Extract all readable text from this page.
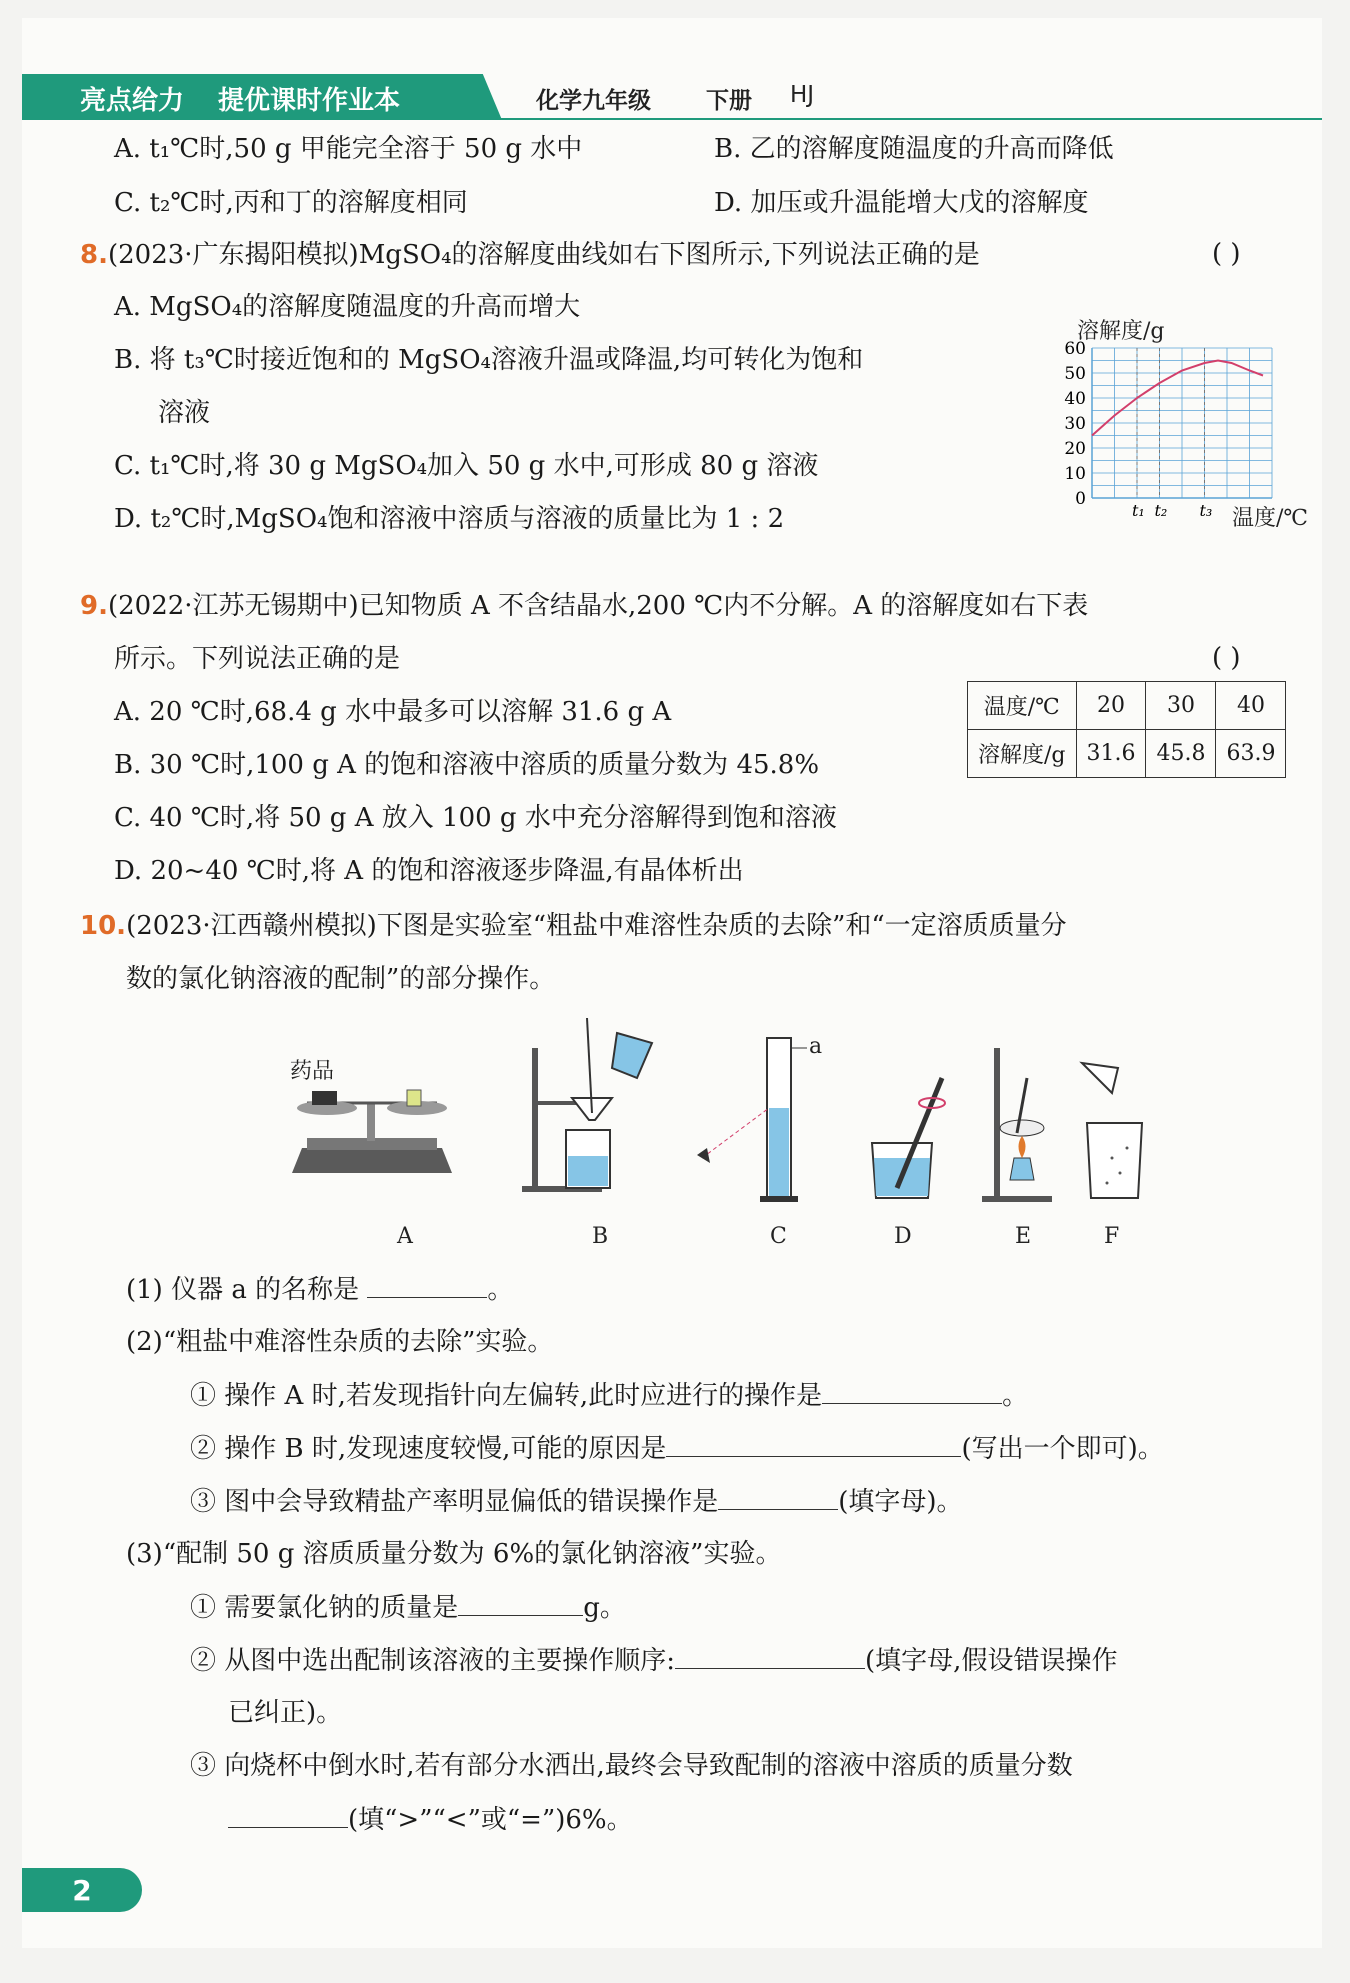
亮点给力 提优课时作业本	化学九年级 下册 HJ
A. t₁℃时,50 g 甲能完全溶于 50 g 水中	B. 乙的溶解度随温度的升高而降低
C. t₂℃时,丙和丁的溶解度相同	D. 加压或升温能增大戊的溶解度
8.(2023·广东揭阳模拟)MgSO₄的溶解度曲线如右下图所示,下列说法正确的是	( )
A. MgSO₄的溶解度随温度的升高而增大
B. 将 t₃℃时接近饱和的 MgSO₄溶液升温或降温,均可转化为饱和
溶液
C. t₁℃时,将 30 g MgSO₄加入 50 g 水中,可形成 80 g 溶液
D. t₂℃时,MgSO₄饱和溶液中溶质与溶液的质量比为 1 : 2
60
50
40
30
20
10
0
t₁ t₂ t₃
溶解度/g
温度/℃
9.(2022·江苏无锡期中)已知物质 A 不含结晶水,200 ℃内不分解。A 的溶解度如右下表
所示。下列说法正确的是	( )
A. 20 ℃时,68.4 g 水中最多可以溶解 31.6 g A
B. 30 ℃时,100 g A 的饱和溶液中溶质的质量分数为 45.8%
C. 40 ℃时,将 50 g A 放入 100 g 水中充分溶解得到饱和溶液
D. 20~40 ℃时,将 A 的饱和溶液逐步降温,有晶体析出
温度/℃	20	30	40
溶解度/g	31.6	45.8	63.9
10.(2023·江西赣州模拟)下图是实验室“粗盐中难溶性杂质的去除”和“一定溶质质量分
数的氯化钠溶液的配制”的部分操作。
药品
A	B
a
C	D	E	F
(1) 仪器 a 的名称是	。
(2)“粗盐中难溶性杂质的去除”实验。
① 操作 A 时,若发现指针向左偏转,此时应进行的操作是	。
② 操作 B 时,发现速度较慢,可能的原因是	(写出一个即可)。
③ 图中会导致精盐产率明显偏低的错误操作是	(填字母)。
(3)“配制 50 g 溶质质量分数为 6%的氯化钠溶液”实验。
① 需要氯化钠的质量是	g。
② 从图中选出配制该溶液的主要操作顺序:	(填字母,假设错误操作
已纠正)。
③ 向烧杯中倒水时,若有部分水洒出,最终会导致配制的溶液中溶质的质量分数
(填“>”“<”或“=”)6%。
2
